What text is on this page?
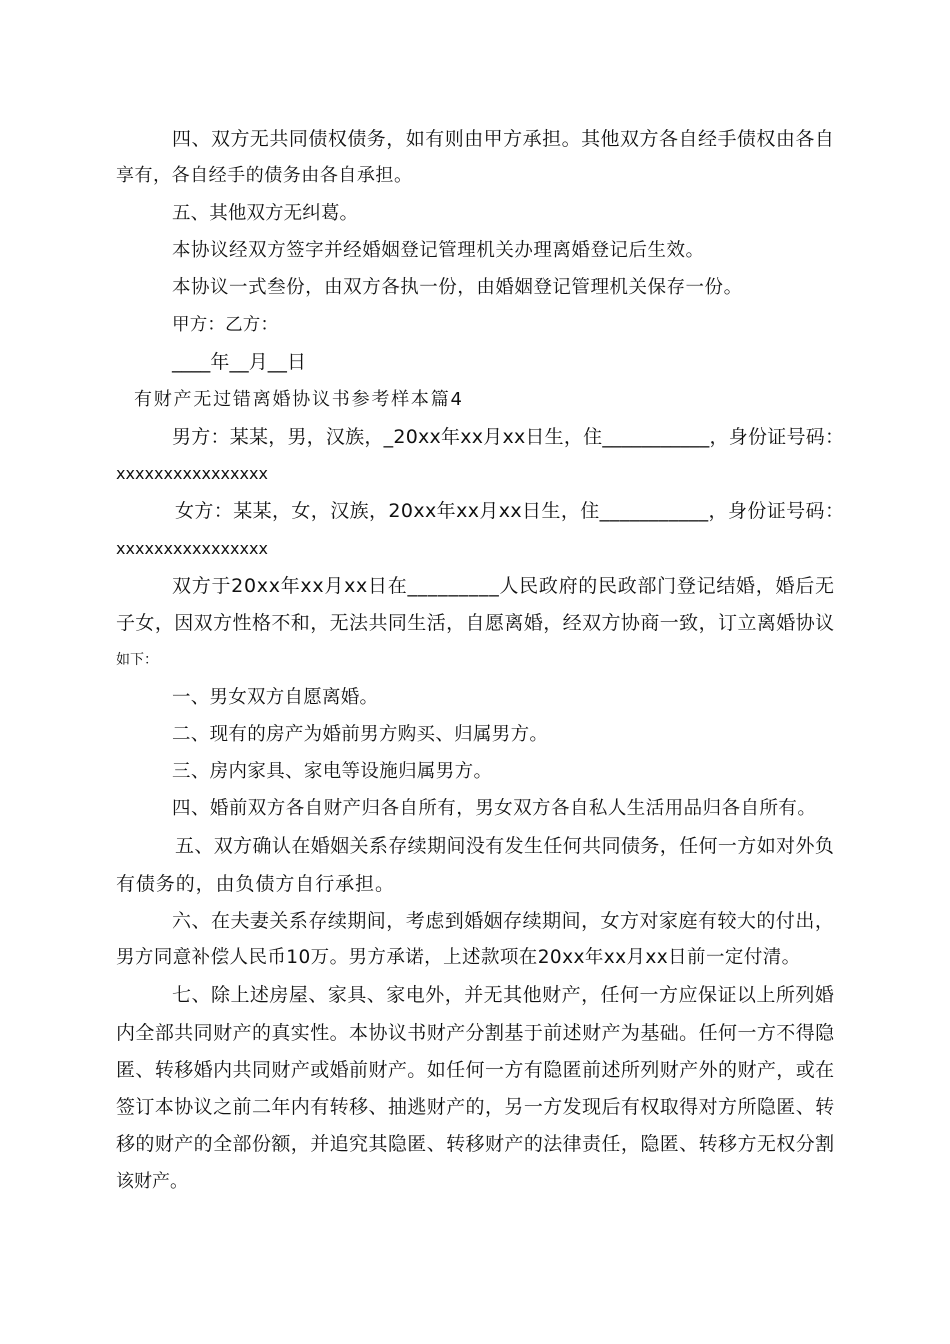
四、双方无共同债权债务，如有则由甲方承担。其他双方各自经手债权由各自
享有，各自经手的债务由各自承担。
五、其他双方无纠葛。
本协议经双方签字并经婚姻登记管理机关办理离婚登记后生效。
本协议一式叁份，由双方各执一份，由婚姻登记管理机关保存一份。
甲方：乙方：
____年__月__日
有财产无过错离婚协议书参考样本篇4
男方：某某，男，汉族，_20xx年xx月xx日生，住___________，身份证号码：
xxxxxxxxxxxxxxxx
女方：某某，女，汉族，20xx年xx月xx日生，住___________，身份证号码：
xxxxxxxxxxxxxxxx
双方于20xx年xx月xx日在_________人民政府的民政部门登记结婚，婚后无
子女，因双方性格不和，无法共同生活，自愿离婚，经双方协商一致，订立离婚协议
如下：
一、男女双方自愿离婚。
二、现有的房产为婚前男方购买、归属男方。
三、房内家具、家电等设施归属男方。
四、婚前双方各自财产归各自所有，男女双方各自私人生活用品归各自所有。
五、双方确认在婚姻关系存续期间没有发生任何共同债务，任何一方如对外负
有债务的，由负债方自行承担。
六、在夫妻关系存续期间，考虑到婚姻存续期间，女方对家庭有较大的付出，
男方同意补偿人民币10万。男方承诺，上述款项在20xx年xx月xx日前一定付清。
七、除上述房屋、家具、家电外，并无其他财产，任何一方应保证以上所列婚
内全部共同财产的真实性。本协议书财产分割基于前述财产为基础。任何一方不得隐
匿、转移婚内共同财产或婚前财产。如任何一方有隐匿前述所列财产外的财产，或在
签订本协议之前二年内有转移、抽逃财产的，另一方发现后有权取得对方所隐匿、转
移的财产的全部份额，并追究其隐匿、转移财产的法律责任，隐匿、转移方无权分割
该财产。
